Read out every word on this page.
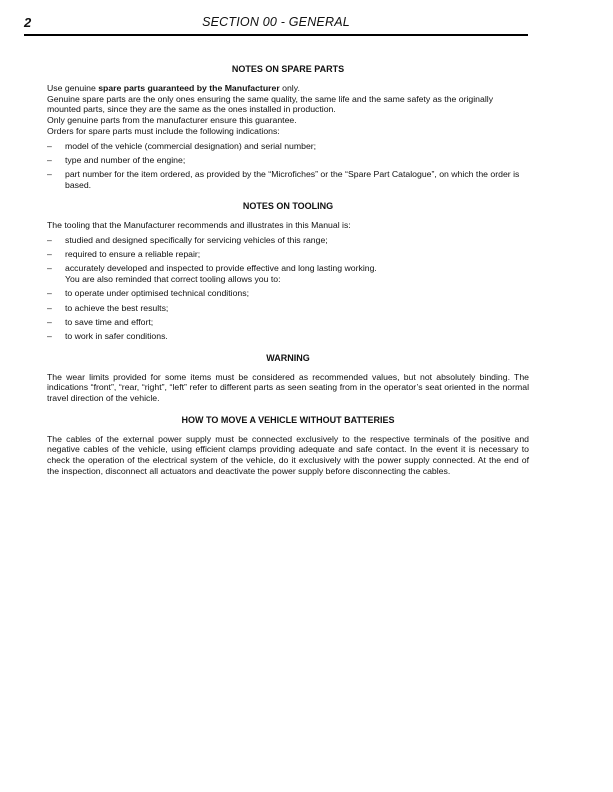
2	SECTION 00 - GENERAL
NOTES ON SPARE PARTS

Use genuine spare parts guaranteed by the Manufacturer only.

Genuine spare parts are the only ones ensuring the same quality, the same life and the same safety as the originally mounted parts, since they are the same as the ones installed in production.

Only genuine parts from the manufacturer ensure this guarantee.

Orders for spare parts must include the following indications:

– model of the vehicle (commercial designation) and serial number;
– type and number of the engine;
– part number for the item ordered, as provided by the “Microfiches” or the “Spare Part Catalogue”, on which the order is based.
NOTES ON TOOLING

The tooling that the Manufacturer recommends and illustrates in this Manual is:

– studied and designed specifically for servicing vehicles of this range;
– required to ensure a reliable repair;
– accurately developed and inspected to provide effective and long lasting working.
You are also reminded that correct tooling allows you to:
– to operate under optimised technical conditions;
– to achieve the best results;
– to save time and effort;
– to work in safer conditions.
WARNING

The wear limits provided for some items must be considered as recommended values, but not absolutely binding. The indications “front”, “rear, “right”, “left” refer to different parts as seen seating from in the operator’s seat oriented in the normal travel direction of the vehicle.

HOW TO MOVE A VEHICLE WITHOUT BATTERIES

The cables of the external power supply must be connected exclusively to the respective terminals of the positive and negative cables of the vehicle, using efficient clamps providing adequate and safe contact. In the event it is necessary to check the operation of the electrical system of the vehicle, do it exclusively with the power supply connected. At the end of the inspection, disconnect all actuators and deactivate the power supply before disconnecting the cables.
